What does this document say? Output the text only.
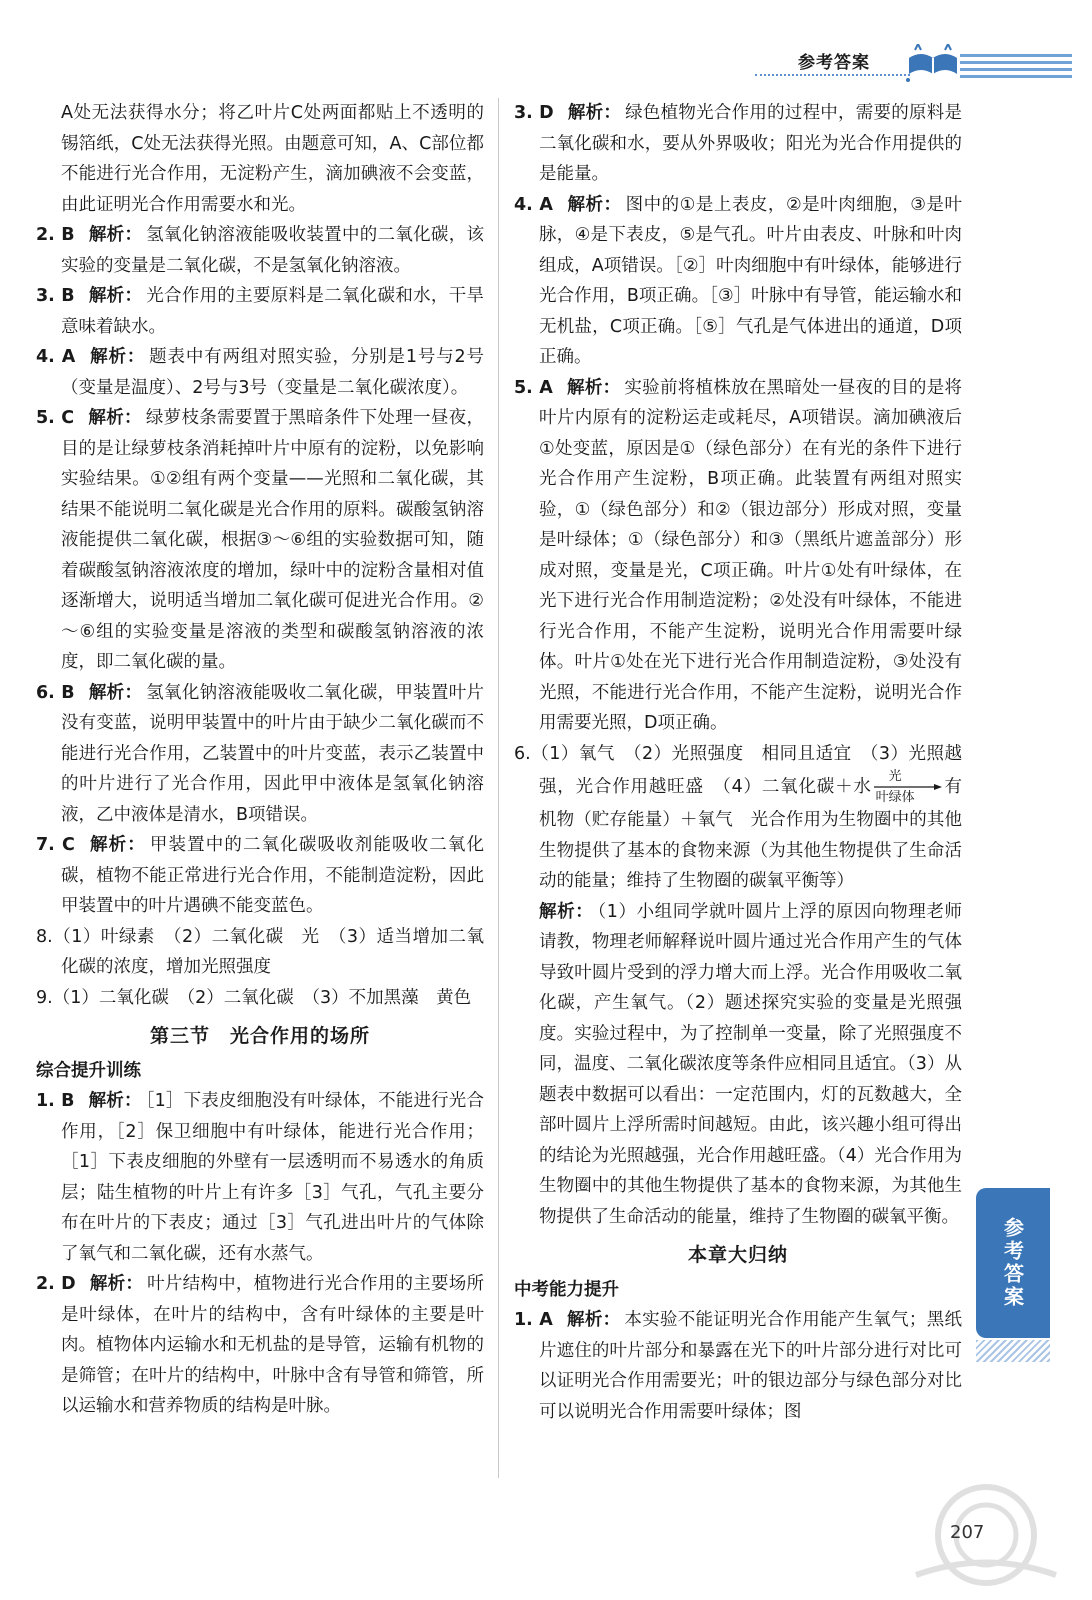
参考答案

A处无法获得水分；将乙叶片C处两面都贴上不透明的锡箔纸，C处无法获得光照。由题意可知，A、C部位都不能进行光合作用，无淀粉产生，滴加碘液不会变蓝，由此证明光合作用需要水和光。

2. B 解析： 氢氧化钠溶液能吸收装置中的二氧化碳，该实验的变量是二氧化碳，不是氢氧化钠溶液。

3. B 解析： 光合作用的主要原料是二氧化碳和水，干旱意味着缺水。

4. A 解析： 题表中有两组对照实验，分别是1号与2号（变量是温度）、2号与3号（变量是二氧化碳浓度）。

5. C 解析： 绿萝枝条需要置于黑暗条件下处理一昼夜，目的是让绿萝枝条消耗掉叶片中原有的淀粉，以免影响实验结果。①②组有两个变量——光照和二氧化碳，其结果不能说明二氧化碳是光合作用的原料。碳酸氢钠溶液能提供二氧化碳，根据③～⑥组的实验数据可知，随着碳酸氢钠溶液浓度的增加，绿叶中的淀粉含量相对值逐渐增大，说明适当增加二氧化碳可促进光合作用。②～⑥组的实验变量是溶液的类型和碳酸氢钠溶液的浓度，即二氧化碳的量。

6. B 解析： 氢氧化钠溶液能吸收二氧化碳，甲装置叶片没有变蓝，说明甲装置中的叶片由于缺少二氧化碳而不能进行光合作用，乙装置中的叶片变蓝，表示乙装置中的叶片进行了光合作用，因此甲中液体是氢氧化钠溶液，乙中液体是清水，B项错误。

7. C 解析： 甲装置中的二氧化碳吸收剂能吸收二氧化碳，植物不能正常进行光合作用，不能制造淀粉，因此甲装置中的叶片遇碘不能变蓝色。

8.（1）叶绿素　（2）二氧化碳　光　（3）适当增加二氧化碳的浓度，增加光照强度

9.（1）二氧化碳　（2）二氧化碳　（3）不加黑藻　黄色

第三节　光合作用的场所

综合提升训练

1. B 解析： ［1］下表皮细胞没有叶绿体，不能进行光合作用，［2］保卫细胞中有叶绿体，能进行光合作用；［1］下表皮细胞的外壁有一层透明而不易透水的角质层；陆生植物的叶片上有许多［3］气孔，气孔主要分布在叶片的下表皮；通过［3］气孔进出叶片的气体除了氧气和二氧化碳，还有水蒸气。

2. D 解析： 叶片结构中，植物进行光合作用的主要场所是叶绿体，在叶片的结构中，含有叶绿体的主要是叶肉。植物体内运输水和无机盐的是导管，运输有机物的是筛管；在叶片的结构中，叶脉中含有导管和筛管，所以运输水和营养物质的结构是叶脉。

3. D 解析： 绿色植物光合作用的过程中，需要的原料是二氧化碳和水，要从外界吸收；阳光为光合作用提供的是能量。

4. A 解析： 图中的①是上表皮，②是叶肉细胞，③是叶脉，④是下表皮，⑤是气孔。叶片由表皮、叶脉和叶肉组成，A项错误。［②］叶肉细胞中有叶绿体，能够进行光合作用，B项正确。［③］叶脉中有导管，能运输水和无机盐，C项正确。［⑤］气孔是气体进出的通道，D项正确。

5. A 解析： 实验前将植株放在黑暗处一昼夜的目的是将叶片内原有的淀粉运走或耗尽，A项错误。滴加碘液后①处变蓝，原因是①（绿色部分）在有光的条件下进行光合作用产生淀粉，B项正确。此装置有两组对照实验，①（绿色部分）和②（银边部分）形成对照，变量是叶绿体；①（绿色部分）和③（黑纸片遮盖部分）形成对照，变量是光，C项正确。叶片①处有叶绿体，在光下进行光合作用制造淀粉；②处没有叶绿体，不能进行光合作用，不能产生淀粉，说明光合作用需要叶绿体。叶片①处在光下进行光合作用制造淀粉，③处没有光照，不能进行光合作用，不能产生淀粉，说明光合作用需要光照，D项正确。

6.（1）氧气　（2）光照强度　相同且适宜　（3）光照越强，光合作用越旺盛　（4）二氧化碳＋水
光
叶绿体
有机物（贮存能量）＋氧气　光合作用为生物圈中的其他生物提供了基本的食物来源（为其他生物提供了生命活动的能量；维持了生物圈的碳氧平衡等）

解析： （1）小组同学就叶圆片上浮的原因向物理老师请教，物理老师解释说叶圆片通过光合作用产生的气体导致叶圆片受到的浮力增大而上浮。光合作用吸收二氧化碳，产生氧气。（2）题述探究实验的变量是光照强度。实验过程中，为了控制单一变量，除了光照强度不同，温度、二氧化碳浓度等条件应相同且适宜。（3）从题表中数据可以看出：一定范围内，灯的瓦数越大，全部叶圆片上浮所需时间越短。由此，该兴趣小组可得出的结论为光照越强，光合作用越旺盛。（4）光合作用为生物圈中的其他生物提供了基本的食物来源，为其他生物提供了生命活动的能量，维持了生物圈的碳氧平衡。

本章大归纳

中考能力提升

1. A 解析： 本实验不能证明光合作用能产生氧气；黑纸片遮住的叶片部分和暴露在光下的叶片部分进行对比可以证明光合作用需要光；叶的银边部分与绿色部分对比可以说明光合作用需要叶绿体；图

参考答案
207
